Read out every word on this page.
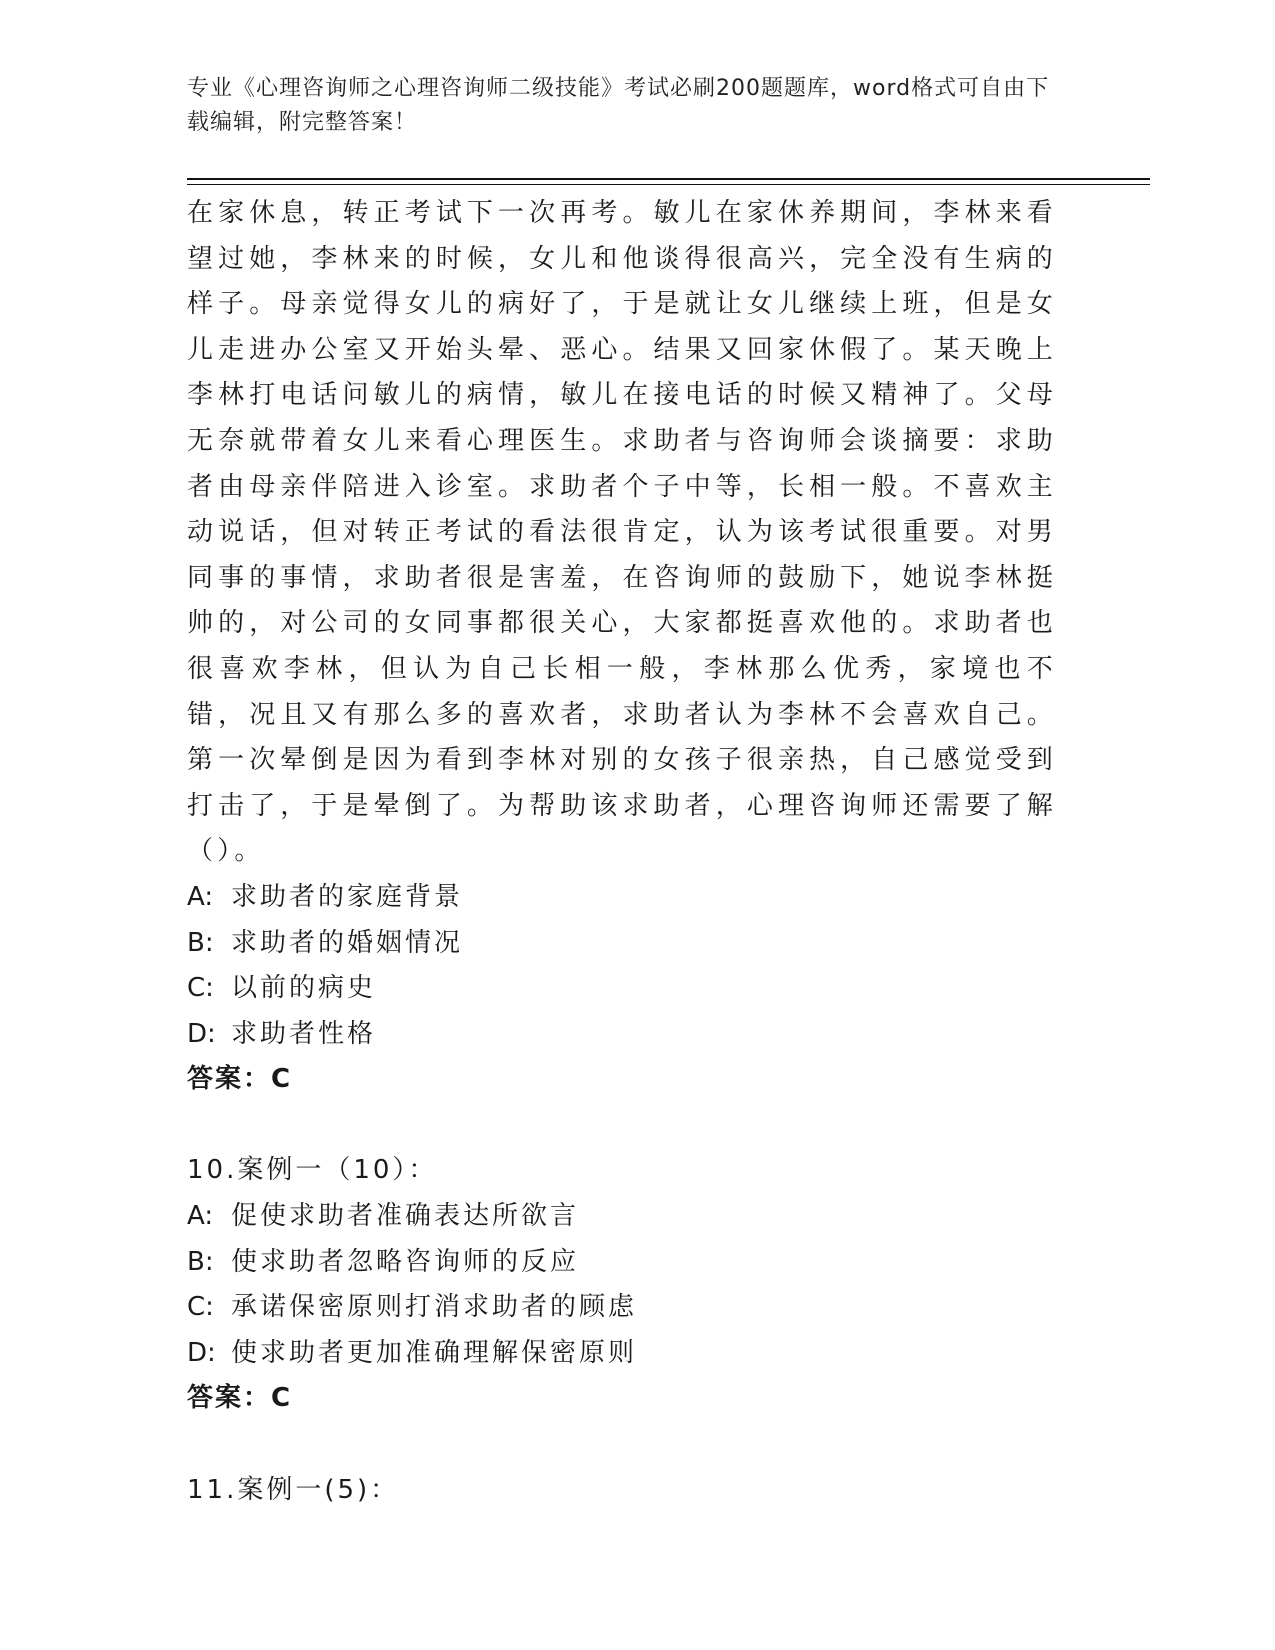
专业《心理咨询师之心理咨询师二级技能》考试必刷200题题库，word格式可自由下载编辑，附完整答案！

在家休息，转正考试下一次再考。敏儿在家休养期间，李林来看望过她，李林来的时候，女儿和他谈得很高兴，完全没有生病的样子。母亲觉得女儿的病好了，于是就让女儿继续上班，但是女儿走进办公室又开始头晕、恶心。结果又回家休假了。某天晚上李林打电话问敏儿的病情，敏儿在接电话的时候又精神了。父母无奈就带着女儿来看心理医生。求助者与咨询师会谈摘要：求助者由母亲伴陪进入诊室。求助者个子中等，长相一般。不喜欢主动说话，但对转正考试的看法很肯定，认为该考试很重要。对男同事的事情，求助者很是害羞，在咨询师的鼓励下，她说李林挺帅的，对公司的女同事都很关心，大家都挺喜欢他的。求助者也很喜欢李林，但认为自己长相一般，李林那么优秀，家境也不错，况且又有那么多的喜欢者，求助者认为李林不会喜欢自己。第一次晕倒是因为看到李林对别的女孩子很亲热，自己感觉受到打击了，于是晕倒了。为帮助该求助者，心理咨询师还需要了解（）。

A: 求助者的家庭背景

B: 求助者的婚姻情况

C: 以前的病史

D: 求助者性格

答案：C

10.案例一（10）：

A: 促使求助者准确表达所欲言

B: 使求助者忽略咨询师的反应

C: 承诺保密原则打消求助者的顾虑

D: 使求助者更加准确理解保密原则

答案：C

11.案例一(5)：
